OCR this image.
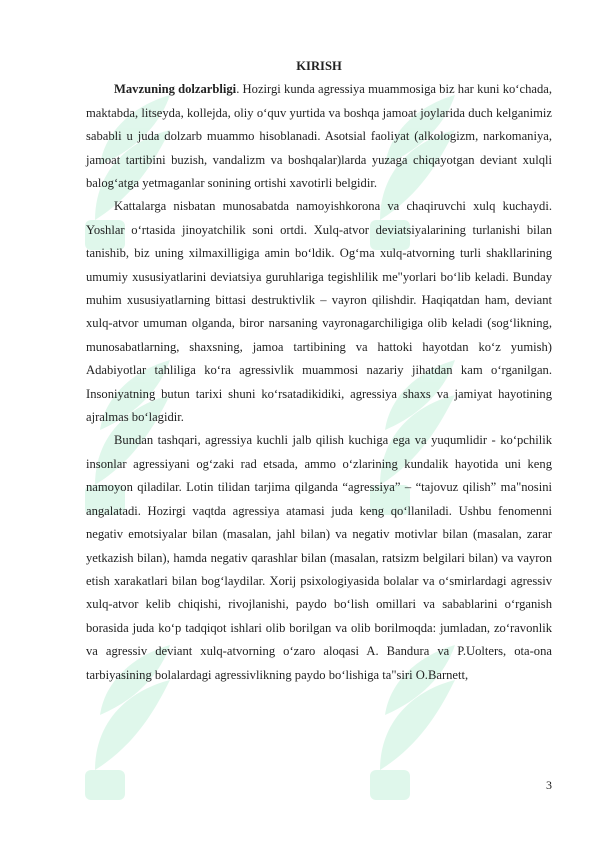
KIRISH

Mavzuning dolzarbligi. Hozirgi kunda agressiya muammosiga biz har kuni ko‘chada, maktabda, litseyda, kollejda, oliy o‘quv yurtida va boshqa jamoat joylarida duch kelganimiz sababli u juda dolzarb muammo hisoblanadi. Asotsial faoliyat (alkologizm, narkomaniya, jamoat tartibini buzish, vandalizm va boshqalar)larda yuzaga chiqayotgan deviant xulqli balog‘atga yetmaganlar sonining ortishi xavotirli belgidir.

Kattalarga nisbatan munosabatda namoyishkorona va chaqiruvchi xulq kuchaydi. Yoshlar o‘rtasida jinoyatchilik soni ortdi. Xulq-atvor deviatsiyalarining turlanishi bilan tanishib, biz uning xilmaxilligiga amin bo‘ldik. Og‘ma xulq-atvorning turli shakllarining umumiy xususiyatlarini deviatsiya guruhlariga tegishlilik me"yorlari bo‘lib keladi. Bunday muhim xususiyatlarning bittasi destruktivlik – vayron qilishdir. Haqiqatdan ham, deviant xulq-atvor umuman olganda, biror narsaning vayronagarchiligiga olib keladi (sog‘likning, munosabatlarning, shaxsning, jamoa tartibining va hattoki hayotdan ko‘z yumish) Adabiyotlar tahliliga ko‘ra agressivlik muammosi nazariy jihatdan kam o‘rganilgan. Insoniyatning butun tarixi shuni ko‘rsatadikidiki, agressiya shaxs va jamiyat hayotining ajralmas bo‘lagidir.

Bundan tashqari, agressiya kuchli jalb qilish kuchiga ega va yuqumlidir - ko‘pchilik insonlar agressiyani og‘zaki rad etsada, ammo o‘zlarining kundalik hayotida uni keng namoyon qiladilar. Lotin tilidan tarjima qilganda “agressiya” – “tajovuz qilish” ma"nosini angalatadi. Hozirgi vaqtda agressiya atamasi juda keng qo‘llaniladi. Ushbu fenomenni negativ emotsiyalar bilan (masalan, jahl bilan) va negativ motivlar bilan (masalan, zarar yetkazish bilan), hamda negativ qarashlar bilan (masalan, ratsizm belgilari bilan) va vayron etish xarakatlari bilan bog‘laydilar. Xorij psixologiyasida bolalar va o‘smirlardagi agressiv xulq-atvor kelib chiqishi, rivojlanishi, paydo bo‘lish omillari va sabablarini o‘rganish borasida juda ko‘p tadqiqot ishlari olib borilgan va olib borilmoqda: jumladan, zo‘ravonlik va agressiv deviant xulq-atvorning o‘zaro aloqasi A. Bandura va P.Uolters, ota-ona tarbiyasining bolalardagi agressivlikning paydo bo‘lishiga ta"siri O.Barnett,

3
